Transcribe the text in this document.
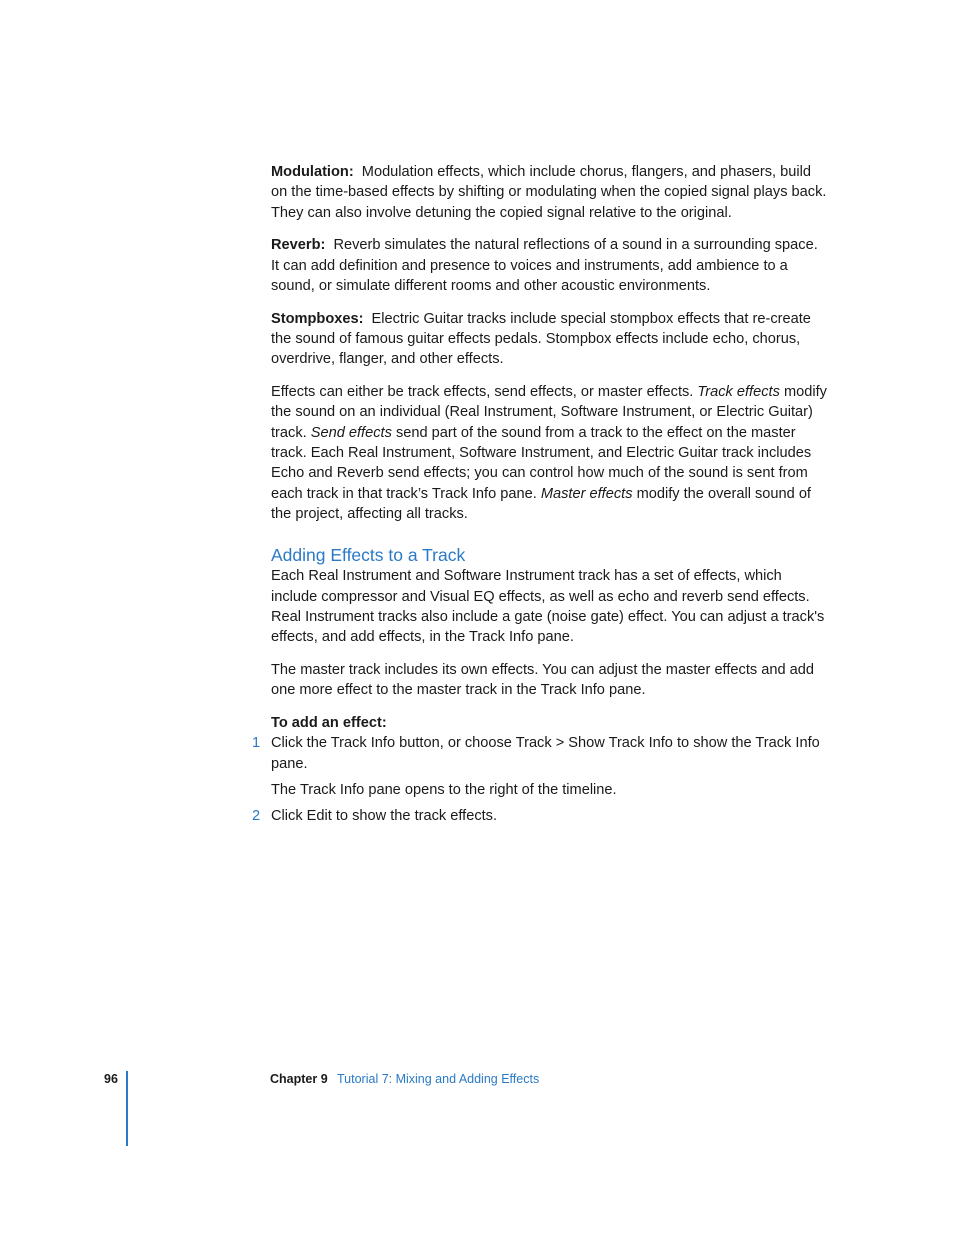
Modulation: Modulation effects, which include chorus, flangers, and phasers, build on the time-based effects by shifting or modulating when the copied signal plays back. They can also involve detuning the copied signal relative to the original.

Reverb: Reverb simulates the natural reflections of a sound in a surrounding space. It can add definition and presence to voices and instruments, add ambience to a sound, or simulate different rooms and other acoustic environments.

Stompboxes: Electric Guitar tracks include special stompbox effects that re-create the sound of famous guitar effects pedals. Stompbox effects include echo, chorus, overdrive, flanger, and other effects.

Effects can either be track effects, send effects, or master effects. Track effects modify the sound on an individual (Real Instrument, Software Instrument, or Electric Guitar) track. Send effects send part of the sound from a track to the effect on the master track. Each Real Instrument, Software Instrument, and Electric Guitar track includes Echo and Reverb send effects; you can control how much of the sound is sent from each track in that track’s Track Info pane. Master effects modify the overall sound of the project, affecting all tracks.

Adding Effects to a Track

Each Real Instrument and Software Instrument track has a set of effects, which include compressor and Visual EQ effects, as well as echo and reverb send effects. Real Instrument tracks also include a gate (noise gate) effect. You can adjust a track's effects, and add effects, in the Track Info pane.

The master track includes its own effects. You can adjust the master effects and add one more effect to the master track in the Track Info pane.

To add an effect:

1 Click the Track Info button, or choose Track > Show Track Info to show the Track Info pane.

The Track Info pane opens to the right of the timeline.

2 Click Edit to show the track effects.
96	Chapter 9 Tutorial 7: Mixing and Adding Effects
